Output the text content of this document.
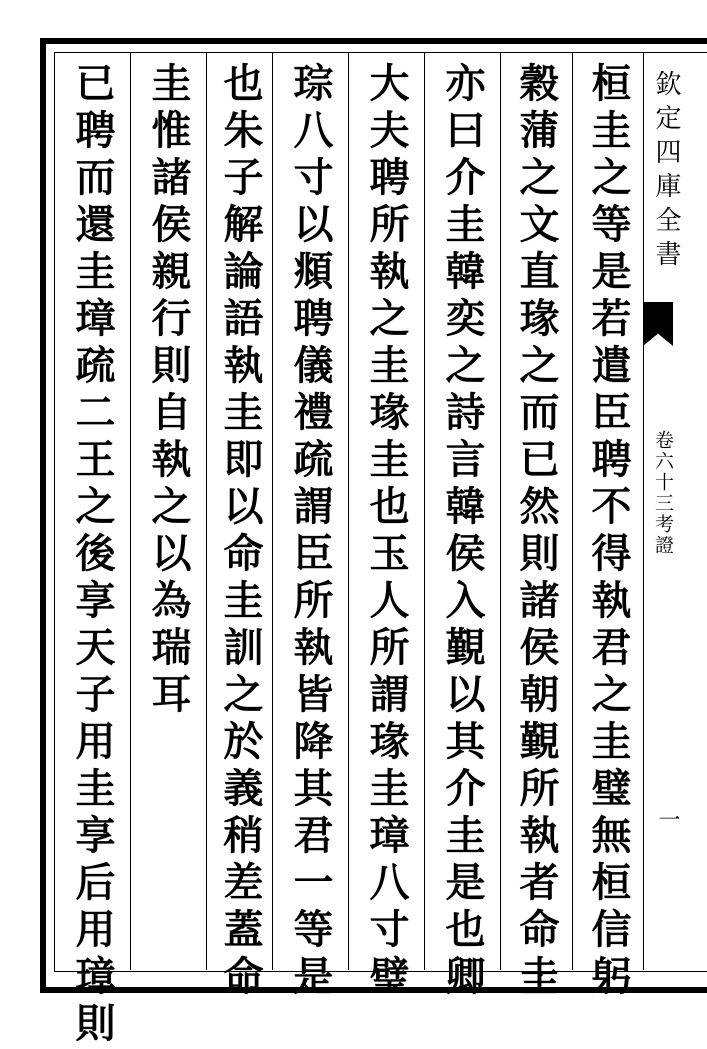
桓圭之等是若遣臣聘不得執君之圭璧無桓信躬
穀蒲之文直瑑之而已然則諸侯朝覲所執者命圭
亦曰介圭韓奕之詩言韓侯入覲以其介圭是也卿
大夫聘所執之圭瑑圭也玉人所謂瑑圭璋八寸璧
琮八寸以頫聘儀禮疏謂臣所執皆降其君一等是
也朱子解論語執圭即以命圭訓之於義稍差蓋命
圭惟諸侯親行則自執之以為瑞耳
已聘而還圭璋疏二王之後享天子用圭享后用璋則	欽定四庫全書
卷六十三考證
一
